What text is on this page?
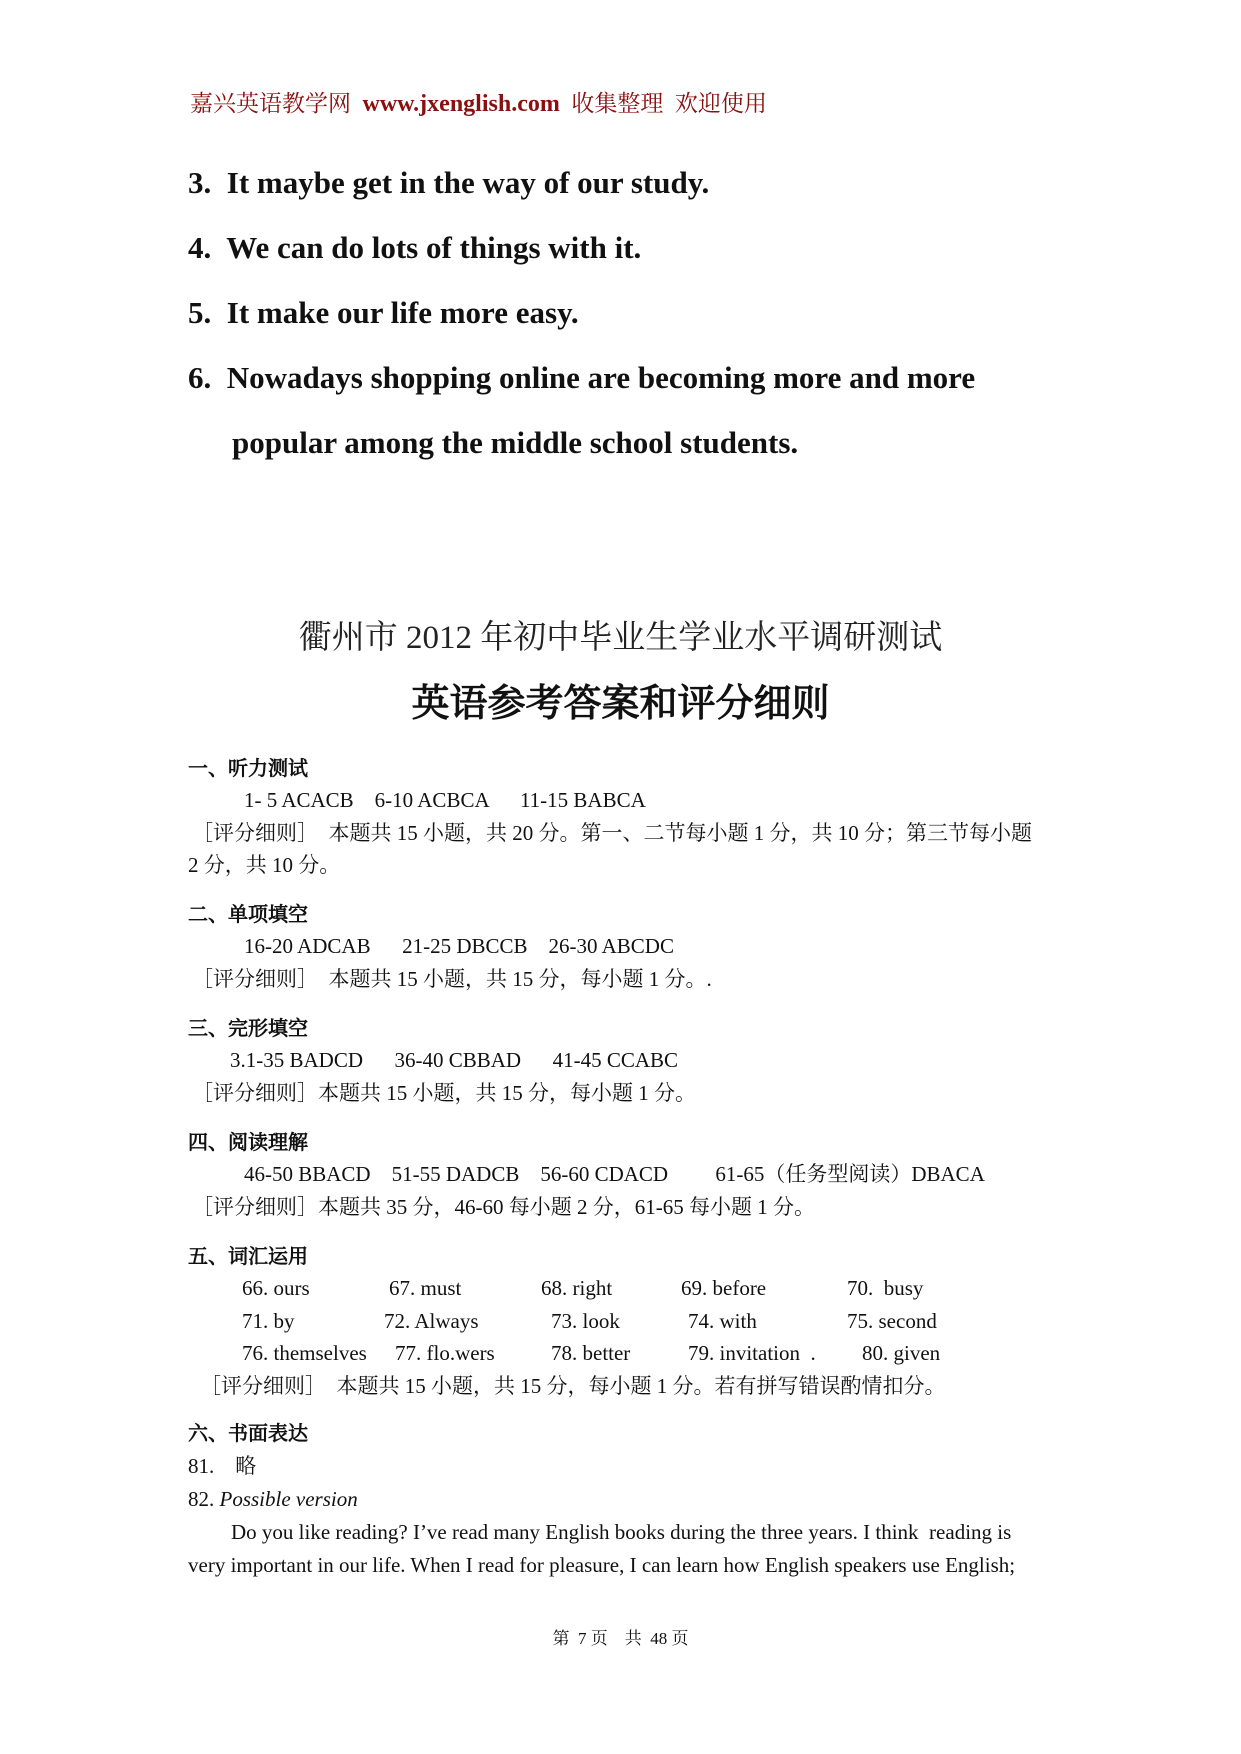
嘉兴英语教学网 www.jxenglish.com 收集整理  欢迎使用
3.  It maybe get in the way of our study.
4.  We can do lots of things with it.
5.  It make our life more easy.
6.  Nowadays shopping online are becoming more and more
popular among the middle school students.
衢州市 2012 年初中毕业生学业水平调研测试
英语参考答案和评分细则
一、听力测试
1- 5 ACACB    6-10 ACBCA      11-15 BABCA
［评分细则］  本题共 15 小题，共 20 分。第一、二节每小题 1 分，共 10 分；第三节每小题
2 分，共 10 分。
二、单项填空
16-20 ADCAB      21-25 DBCCB    26-30 ABCDC
［评分细则］  本题共 15 小题，共 15 分，每小题 1 分。.
三、完形填空
3.1-35 BADCD      36-40 CBBAD      41-45 CCABC
［评分细则］本题共 15 小题，共 15 分，每小题 1 分。
四、阅读理解
46-50 BBACD    51-55 DADCB    56-60 CDACD         61-65（任务型阅读）DBACA
［评分细则］本题共 35 分，46-60 每小题 2 分，61-65 每小题 1 分。
五、词汇运用
66. ours	67. must	68. right	69. before	70.  busy
71. by	72. Always	73. look	74. with	75. second
76. themselves 77. flo.wers	78. better	79. invitation  . 80. given
［评分细则］  本题共 15 小题，共 15 分，每小题 1 分。若有拼写错误酌情扣分。
六、书面表达
81.    略
82. Possible version
Do you like reading? I’ve read many English books during the three years. I think  reading is
very important in our life. When I read for pleasure, I can learn how English speakers use English;
第  7 页    共  48 页
